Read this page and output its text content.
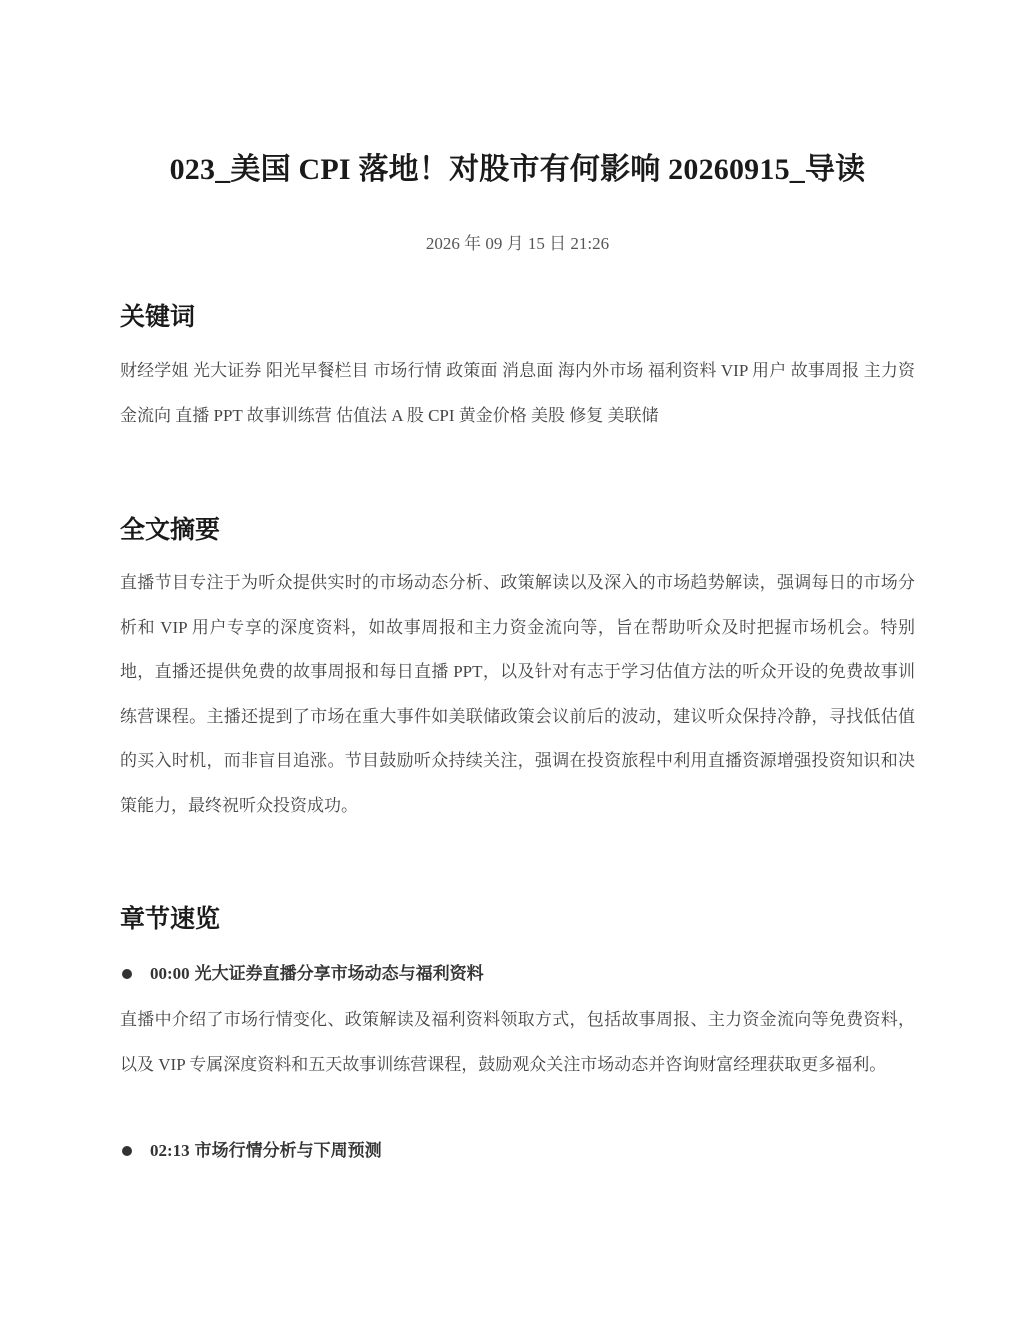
023_美国 CPI 落地！对股市有何影响 20260915_导读
2026 年 09 月 15 日 21:26
关键词

财经学姐 光大证券 阳光早餐栏目 市场行情 政策面 消息面 海内外市场 福利资料 VIP 用户 故事周报 主力资金流向 直播 PPT 故事训练营 估值法 A 股 CPI 黄金价格 美股 修复 美联储

全文摘要

直播节目专注于为听众提供实时的市场动态分析、政策解读以及深入的市场趋势解读，强调每日的市场分析和 VIP 用户专享的深度资料，如故事周报和主力资金流向等，旨在帮助听众及时把握市场机会。特别地，直播还提供免费的故事周报和每日直播 PPT，以及针对有志于学习估值方法的听众开设的免费故事训练营课程。主播还提到了市场在重大事件如美联储政策会议前后的波动，建议听众保持冷静，寻找低估值的买入时机，而非盲目追涨。节目鼓励听众持续关注，强调在投资旅程中利用直播资源增强投资知识和决策能力，最终祝听众投资成功。

章节速览
00:00 光大证券直播分享市场动态与福利资料

直播中介绍了市场行情变化、政策解读及福利资料领取方式，包括故事周报、主力资金流向等免费资料，以及 VIP 专属深度资料和五天故事训练营课程，鼓励观众关注市场动态并咨询财富经理获取更多福利。

02:13 市场行情分析与下周预测
